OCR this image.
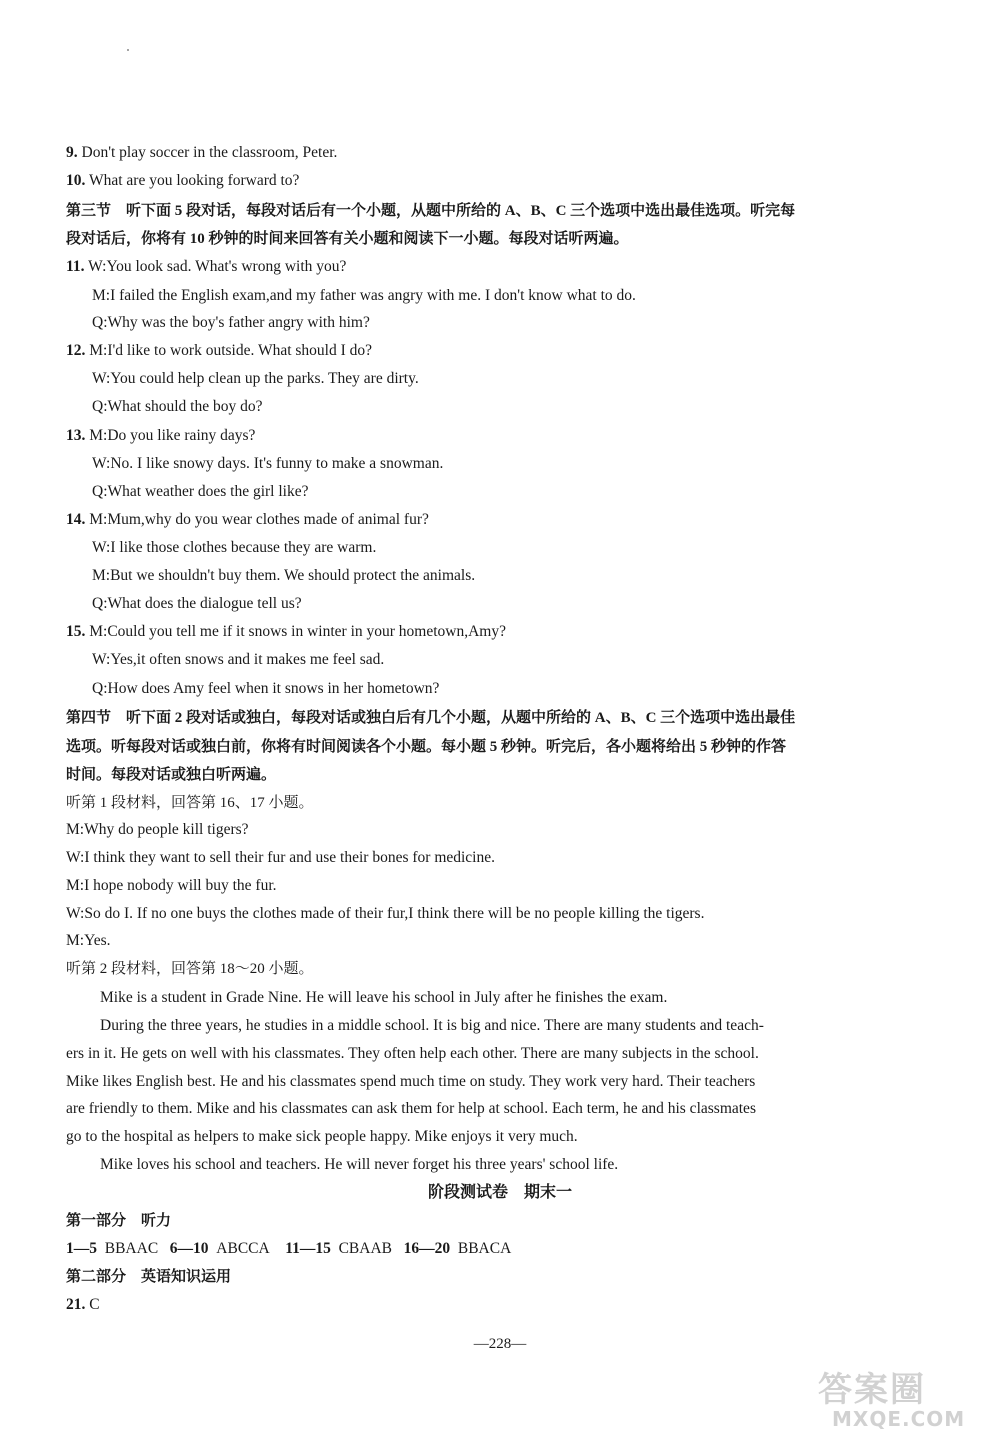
9. Don't play soccer in the classroom, Peter.
10. What are you looking forward to?
第三节　听下面 5 段对话，每段对话后有一个小题，从题中所给的 A、B、C 三个选项中选出最佳选项。听完每
段对话后，你将有 10 秒钟的时间来回答有关小题和阅读下一小题。每段对话听两遍。
11. W:You look sad. What's wrong with you?
M:I failed the English exam,and my father was angry with me. I don't know what to do.
Q:Why was the boy's father angry with him?
12. M:I'd like to work outside. What should I do?
W:You could help clean up the parks. They are dirty.
Q:What should the boy do?
13. M:Do you like rainy days?
W:No. I like snowy days. It's funny to make a snowman.
Q:What weather does the girl like?
14. M:Mum,why do you wear clothes made of animal fur?
W:I like those clothes because they are warm.
M:But we shouldn't buy them. We should protect the animals.
Q:What does the dialogue tell us?
15. M:Could you tell me if it snows in winter in your hometown,Amy?
W:Yes,it often snows and it makes me feel sad.
Q:How does Amy feel when it snows in her hometown?
第四节　听下面 2 段对话或独白，每段对话或独白后有几个小题，从题中所给的 A、B、C 三个选项中选出最佳
选项。听每段对话或独白前，你将有时间阅读各个小题。每小题 5 秒钟。听完后，各小题将给出 5 秒钟的作答
时间。每段对话或独白听两遍。
听第 1 段材料，回答第 16、17 小题。
M:Why do people kill tigers?
W:I think they want to sell their fur and use their bones for medicine.
M:I hope nobody will buy the fur.
W:So do I. If no one buys the clothes made of their fur,I think there will be no people killing the tigers.
M:Yes.
听第 2 段材料，回答第 18～20 小题。
Mike is a student in Grade Nine. He will leave his school in July after he finishes the exam.
During the three years, he studies in a middle school. It is big and nice. There are many students and teach-
ers in it. He gets on well with his classmates. They often help each other. There are many subjects in the school.
Mike likes English best. He and his classmates spend much time on study. They work very hard. Their teachers
are friendly to them. Mike and his classmates can ask them for help at school. Each term, he and his classmates
go to the hospital as helpers to make sick people happy. Mike enjoys it very much.
Mike loves his school and teachers. He will never forget his three years' school life.
阶段测试卷　期末一
第一部分　听力
1—5 BBAAC 6—10 ABCCA 11—15 CBAAB 16—20 BBACA
第二部分　英语知识运用
21. C
—228—
答案圈
MXQE.COM
